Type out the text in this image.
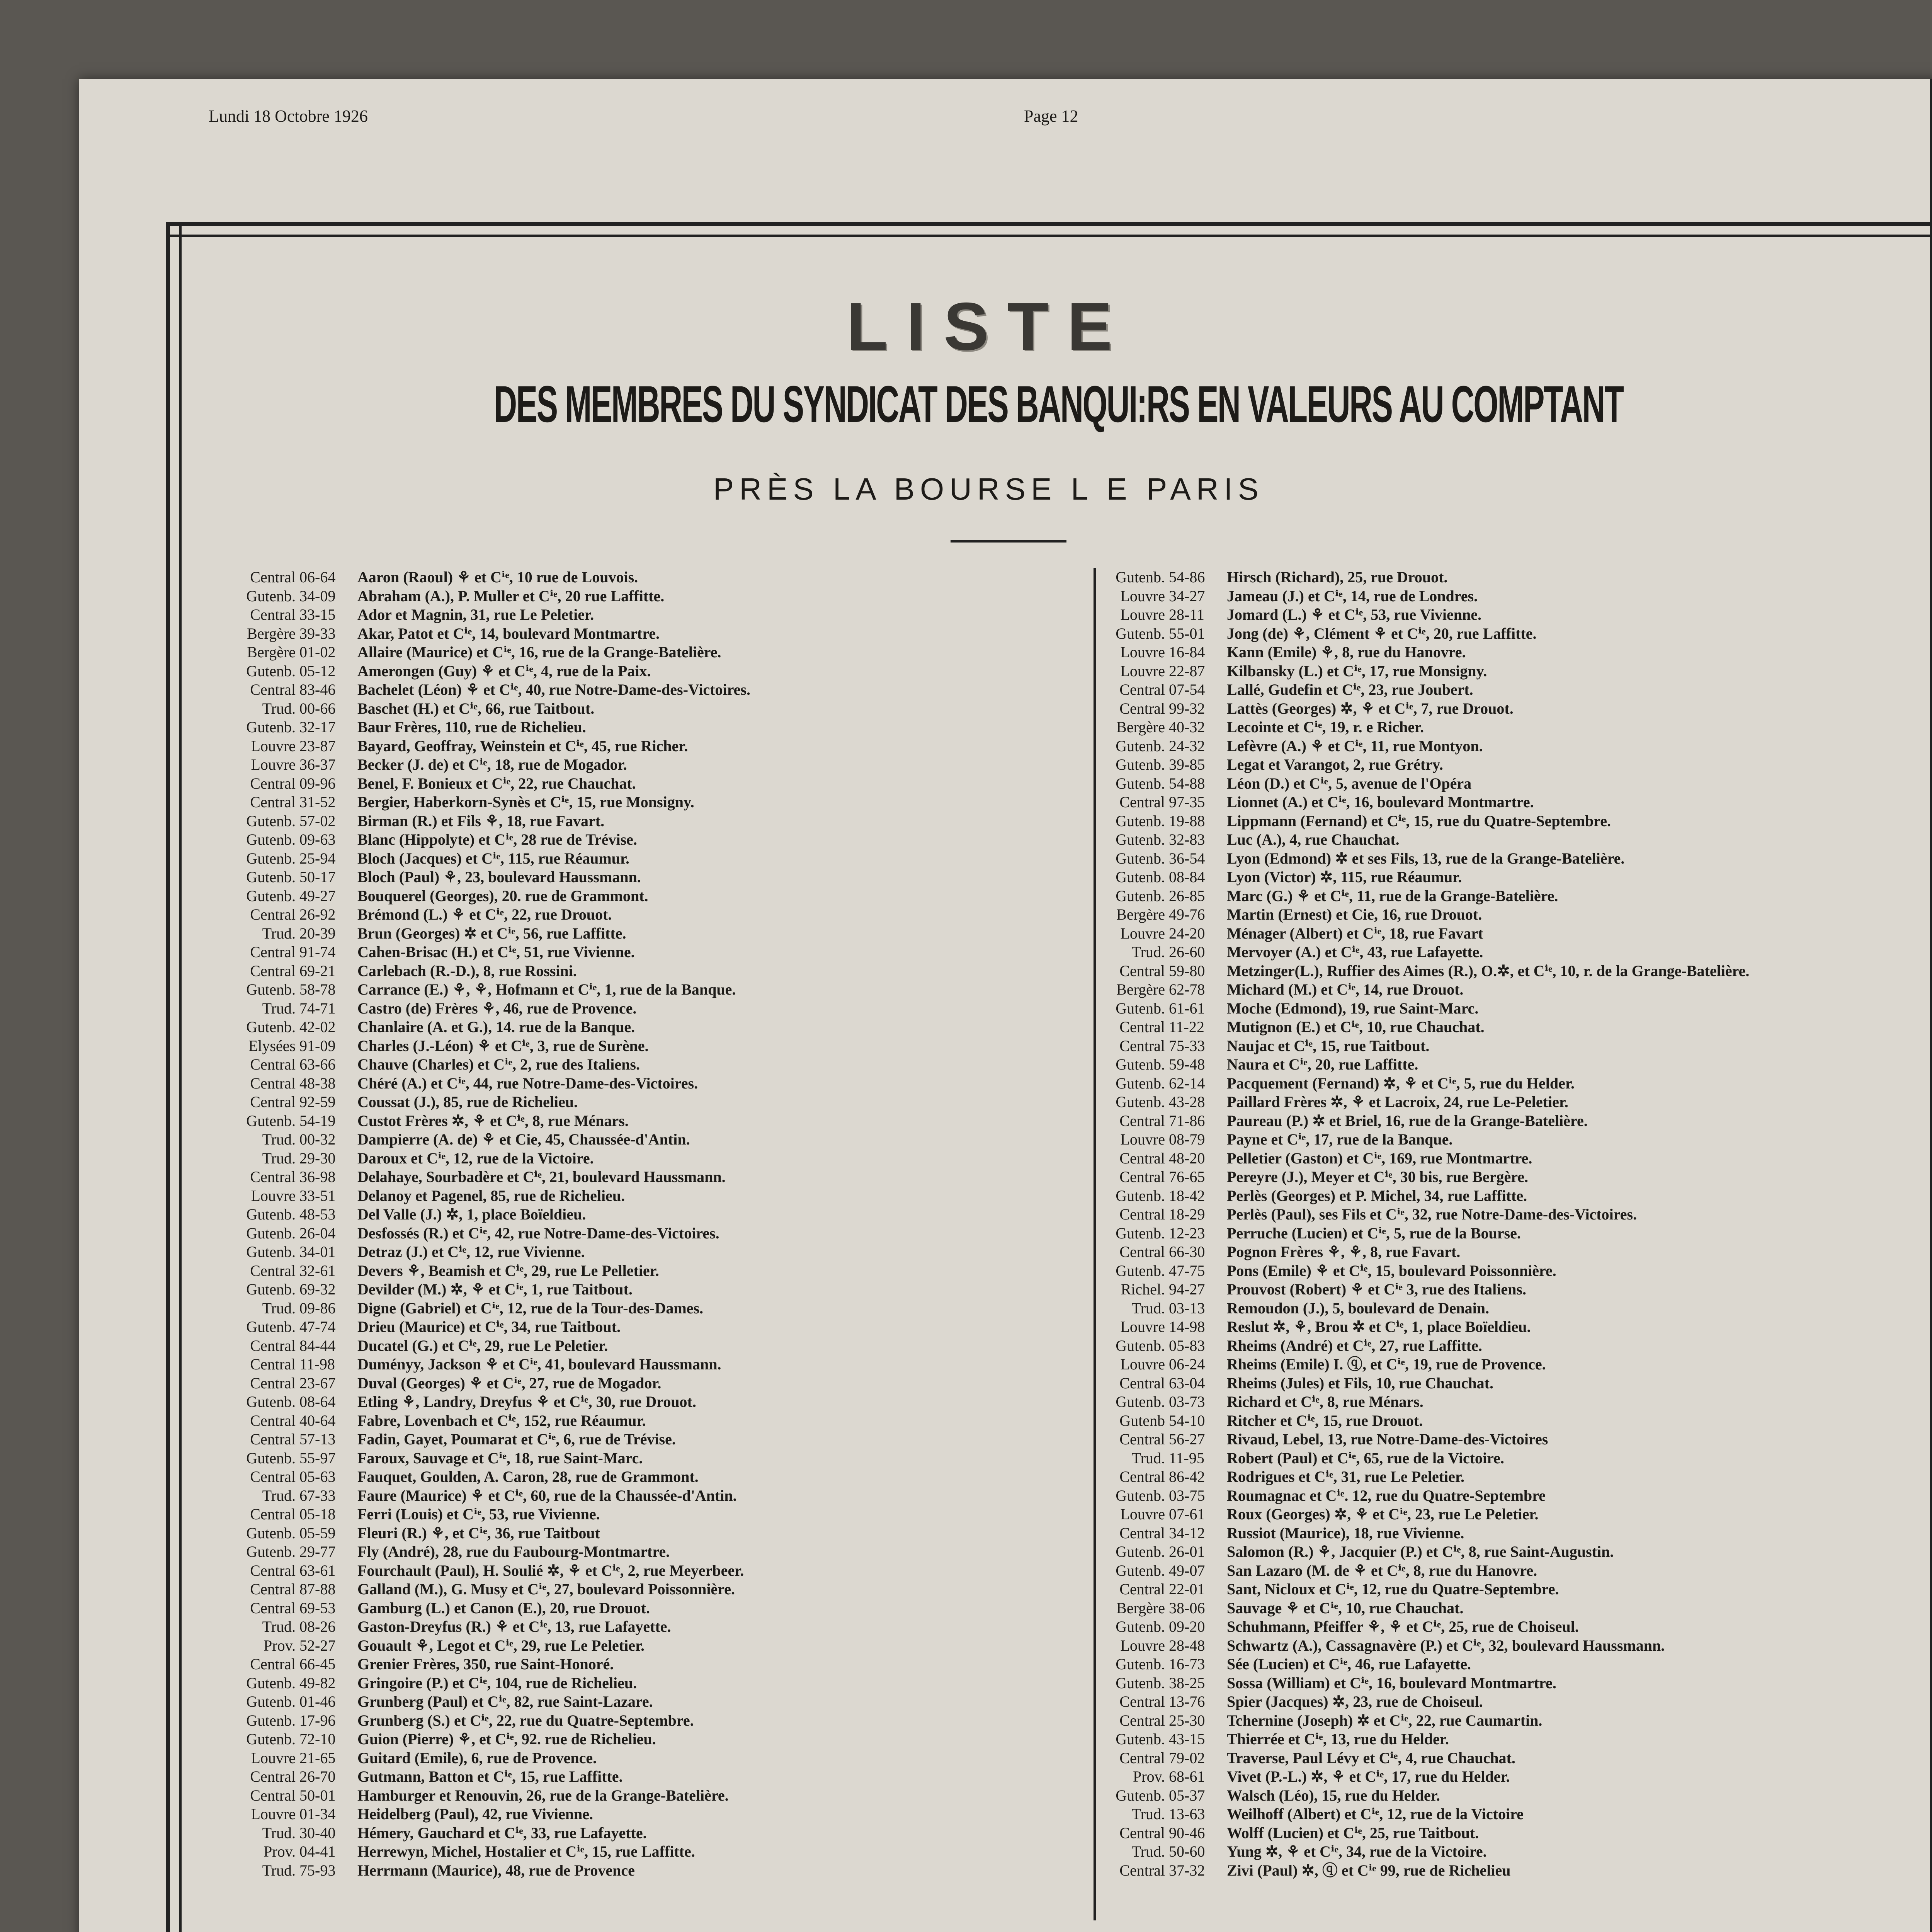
Lundi 18 Octobre 1926	Page 12
LISTE
DES MEMBRES DU SYNDICAT DES BANQUI:RS EN VALEURS AU COMPTANT
PRÈS LA BOURSE L E PARIS
Central 06-64	Aaron (Raoul) ⚘ et Cⁱᵉ, 10 rue de Louvois.
Gutenb. 34-09	Abraham (A.), P. Muller et Cⁱᵉ, 20 rue Laffitte.
Central 33-15	Ador et Magnin, 31, rue Le Peletier.
Bergère 39-33	Akar, Patot et Cⁱᵉ, 14, boulevard Montmartre.
Bergère 01-02	Allaire (Maurice) et Cⁱᵉ, 16, rue de la Grange-Batelière.
Gutenb. 05-12	Amerongen (Guy) ⚘ et Cⁱᵉ, 4, rue de la Paix.
Central 83-46	Bachelet (Léon) ⚘ et Cⁱᵉ, 40, rue Notre-Dame-des-Victoires.
Trud. 00-66	Baschet (H.) et Cⁱᵉ, 66, rue Taitbout.
Gutenb. 32-17	Baur Frères, 110, rue de Richelieu.
Louvre 23-87	Bayard, Geoffray, Weinstein et Cⁱᵉ, 45, rue Richer.
Louvre 36-37	Becker (J. de) et Cⁱᵉ, 18, rue de Mogador.
Central 09-96	Benel, F. Bonieux et Cⁱᵉ, 22, rue Chauchat.
Central 31-52	Bergier, Haberkorn-Synès et Cⁱᵉ, 15, rue Monsigny.
Gutenb. 57-02	Birman (R.) et Fils ⚘, 18, rue Favart.
Gutenb. 09-63	Blanc (Hippolyte) et Cⁱᵉ, 28 rue de Trévise.
Gutenb. 25-94	Bloch (Jacques) et Cⁱᵉ, 115, rue Réaumur.
Gutenb. 50-17	Bloch (Paul) ⚘, 23, boulevard Haussmann.
Gutenb. 49-27	Bouquerel (Georges), 20. rue de Grammont.
Central 26-92	Brémond (L.) ⚘ et Cⁱᵉ, 22, rue Drouot.
Trud. 20-39	Brun (Georges) ✲ et Cⁱᵉ, 56, rue Laffitte.
Central 91-74	Cahen-Brisac (H.) et Cⁱᵉ, 51, rue Vivienne.
Central 69-21	Carlebach (R.-D.), 8, rue Rossini.
Gutenb. 58-78	Carrance (E.) ⚘, ⚘, Hofmann et Cⁱᵉ, 1, rue de la Banque.
Trud. 74-71	Castro (de) Frères ⚘, 46, rue de Provence.
Gutenb. 42-02	Chanlaire (A. et G.), 14. rue de la Banque.
Elysées 91-09	Charles (J.-Léon) ⚘ et Cⁱᵉ, 3, rue de Surène.
Central 63-66	Chauve (Charles) et Cⁱᵉ, 2, rue des Italiens.
Central 48-38	Chéré (A.) et Cⁱᵉ, 44, rue Notre-Dame-des-Victoires.
Central 92-59	Coussat (J.), 85, rue de Richelieu.
Gutenb. 54-19	Custot Frères ✲, ⚘ et Cⁱᵉ, 8, rue Ménars.
Trud. 00-32	Dampierre (A. de) ⚘ et Cie, 45, Chaussée-d'Antin.
Trud. 29-30	Daroux et Cⁱᵉ, 12, rue de la Victoire.
Central 36-98	Delahaye, Sourbadère et Cⁱᵉ, 21, boulevard Haussmann.
Louvre 33-51	Delanoy et Pagenel, 85, rue de Richelieu.
Gutenb. 48-53	Del Valle (J.) ✲, 1, place Boïeldieu.
Gutenb. 26-04	Desfossés (R.) et Cⁱᵉ, 42, rue Notre-Dame-des-Victoires.
Gutenb. 34-01	Detraz (J.) et Cⁱᵉ, 12, rue Vivienne.
Central 32-61	Devers ⚘, Beamish et Cⁱᵉ, 29, rue Le Pelletier.
Gutenb. 69-32	Devilder (M.) ✲, ⚘ et Cⁱᵉ, 1, rue Taitbout.
Trud. 09-86	Digne (Gabriel) et Cⁱᵉ, 12, rue de la Tour-des-Dames.
Gutenb. 47-74	Drieu (Maurice) et Cⁱᵉ, 34, rue Taitbout.
Central 84-44	Ducatel (G.) et Cⁱᵉ, 29, rue Le Peletier.
Central 11-98	Duményy, Jackson ⚘ et Cⁱᵉ, 41, boulevard Haussmann.
Central 23-67	Duval (Georges) ⚘ et Cⁱᵉ, 27, rue de Mogador.
Gutenb. 08-64	Etling ⚘, Landry, Dreyfus ⚘ et Cⁱᵉ, 30, rue Drouot.
Central 40-64	Fabre, Lovenbach et Cⁱᵉ, 152, rue Réaumur.
Central 57-13	Fadin, Gayet, Poumarat et Cⁱᵉ, 6, rue de Trévise.
Gutenb. 55-97	Faroux, Sauvage et Cⁱᵉ, 18, rue Saint-Marc.
Central 05-63	Fauquet, Goulden, A. Caron, 28, rue de Grammont.
Trud. 67-33	Faure (Maurice) ⚘ et Cⁱᵉ, 60, rue de la Chaussée-d'Antin.
Central 05-18	Ferri (Louis) et Cⁱᵉ, 53, rue Vivienne.
Gutenb. 05-59	Fleuri (R.) ⚘, et Cⁱᵉ, 36, rue Taitbout
Gutenb. 29-77	Fly (André), 28, rue du Faubourg-Montmartre.
Central 63-61	Fourchault (Paul), H. Soulié ✲, ⚘ et Cⁱᵉ, 2, rue Meyerbeer.
Central 87-88	Galland (M.), G. Musy et Cⁱᵉ, 27, boulevard Poissonnière.
Central 69-53	Gamburg (L.) et Canon (E.), 20, rue Drouot.
Trud. 08-26	Gaston-Dreyfus (R.) ⚘ et Cⁱᵉ, 13, rue Lafayette.
Prov. 52-27	Gouault ⚘, Legot et Cⁱᵉ, 29, rue Le Peletier.
Central 66-45	Grenier Frères, 350, rue Saint-Honoré.
Gutenb. 49-82	Gringoire (P.) et Cⁱᵉ, 104, rue de Richelieu.
Gutenb. 01-46	Grunberg (Paul) et Cⁱᵉ, 82, rue Saint-Lazare.
Gutenb. 17-96	Grunberg (S.) et Cⁱᵉ, 22, rue du Quatre-Septembre.
Gutenb. 72-10	Guion (Pierre) ⚘, et Cⁱᵉ, 92. rue de Richelieu.
Louvre 21-65	Guitard (Emile), 6, rue de Provence.
Central 26-70	Gutmann, Batton et Cⁱᵉ, 15, rue Laffitte.
Central 50-01	Hamburger et Renouvin, 26, rue de la Grange-Batelière.
Louvre 01-34	Heidelberg (Paul), 42, rue Vivienne.
Trud. 30-40	Hémery, Gauchard et Cⁱᵉ, 33, rue Lafayette.
Prov. 04-41	Herrewyn, Michel, Hostalier et Cⁱᵉ, 15, rue Laffitte.
Trud. 75-93	Herrmann (Maurice), 48, rue de Provence
Gutenb. 54-86	Hirsch (Richard), 25, rue Drouot.
Louvre 34-27	Jameau (J.) et Cⁱᵉ, 14, rue de Londres.
Louvre 28-11	Jomard (L.) ⚘ et Cⁱᵉ, 53, rue Vivienne.
Gutenb. 55-01	Jong (de) ⚘, Clément ⚘ et Cⁱᵉ, 20, rue Laffitte.
Louvre 16-84	Kann (Emile) ⚘, 8, rue du Hanovre.
Louvre 22-87	Kilbansky (L.) et Cⁱᵉ, 17, rue Monsigny.
Central 07-54	Lallé, Gudefin et Cⁱᵉ, 23, rue Joubert.
Central 99-32	Lattès (Georges) ✲, ⚘ et Cⁱᵉ, 7, rue Drouot.
Bergère 40-32	Lecointe et Cⁱᵉ, 19, r. e Richer.
Gutenb. 24-32	Lefèvre (A.) ⚘ et Cⁱᵉ, 11, rue Montyon.
Gutenb. 39-85	Legat et Varangot, 2, rue Grétry.
Gutenb. 54-88	Léon (D.) et Cⁱᵉ, 5, avenue de l'Opéra
Central 97-35	Lionnet (A.) et Cⁱᵉ, 16, boulevard Montmartre.
Gutenb. 19-88	Lippmann (Fernand) et Cⁱᵉ, 15, rue du Quatre-Septembre.
Gutenb. 32-83	Luc (A.), 4, rue Chauchat.
Gutenb. 36-54	Lyon (Edmond) ✲ et ses Fils, 13, rue de la Grange-Batelière.
Gutenb. 08-84	Lyon (Victor) ✲, 115, rue Réaumur.
Gutenb. 26-85	Marc (G.) ⚘ et Cⁱᵉ, 11, rue de la Grange-Batelière.
Bergère 49-76	Martin (Ernest) et Cie, 16, rue Drouot.
Louvre 24-20	Ménager (Albert) et Cⁱᵉ, 18, rue Favart
Trud. 26-60	Mervoyer (A.) et Cⁱᵉ, 43, rue Lafayette.
Central 59-80	Metzinger(L.), Ruffier des Aimes (R.), O.✲, et Cⁱᵉ, 10, r. de la Grange-Batelière.
Bergère 62-78	Michard (M.) et Cⁱᵉ, 14, rue Drouot.
Gutenb. 61-61	Moche (Edmond), 19, rue Saint-Marc.
Central 11-22	Mutignon (E.) et Cⁱᵉ, 10, rue Chauchat.
Central 75-33	Naujac et Cⁱᵉ, 15, rue Taitbout.
Gutenb. 59-48	Naura et Cⁱᵉ, 20, rue Laffitte.
Gutenb. 62-14	Pacquement (Fernand) ✲, ⚘ et Cⁱᵉ, 5, rue du Helder.
Gutenb. 43-28	Paillard Frères ✲, ⚘ et Lacroix, 24, rue Le-Peletier.
Central 71-86	Paureau (P.) ✲ et Briel, 16, rue de la Grange-Batelière.
Louvre 08-79	Payne et Cⁱᵉ, 17, rue de la Banque.
Central 48-20	Pelletier (Gaston) et Cⁱᵉ, 169, rue Montmartre.
Central 76-65	Pereyre (J.), Meyer et Cⁱᵉ, 30 bis, rue Bergère.
Gutenb. 18-42	Perlès (Georges) et P. Michel, 34, rue Laffitte.
Central 18-29	Perlès (Paul), ses Fils et Cⁱᵉ, 32, rue Notre-Dame-des-Victoires.
Gutenb. 12-23	Perruche (Lucien) et Cⁱᵉ, 5, rue de la Bourse.
Central 66-30	Pognon Frères ⚘, ⚘, 8, rue Favart.
Gutenb. 47-75	Pons (Emile) ⚘ et Cⁱᵉ, 15, boulevard Poissonnière.
Richel. 94-27	Prouvost (Robert) ⚘ et Cⁱᵉ 3, rue des Italiens.
Trud. 03-13	Remoudon (J.), 5, boulevard de Denain.
Louvre 14-98	Reslut ✲, ⚘, Brou ✲ et Cⁱᵉ, 1, place Boïeldieu.
Gutenb. 05-83	Rheims (André) et Cⁱᵉ, 27, rue Laffitte.
Louvre 06-24	Rheims (Emile) I. ⓠ, et Cⁱᵉ, 19, rue de Provence.
Central 63-04	Rheims (Jules) et Fils, 10, rue Chauchat.
Gutenb. 03-73	Richard et Cⁱᵉ, 8, rue Ménars.
Gutenb 54-10	Ritcher et Cⁱᵉ, 15, rue Drouot.
Central 56-27	Rivaud, Lebel, 13, rue Notre-Dame-des-Victoires
Trud. 11-95	Robert (Paul) et Cⁱᵉ, 65, rue de la Victoire.
Central 86-42	Rodrigues et Cⁱᵉ, 31, rue Le Peletier.
Gutenb. 03-75	Roumagnac et Cⁱᵉ. 12, rue du Quatre-Septembre
Louvre 07-61	Roux (Georges) ✲, ⚘ et Cⁱᵉ, 23, rue Le Peletier.
Central 34-12	Russiot (Maurice), 18, rue Vivienne.
Gutenb. 26-01	Salomon (R.) ⚘, Jacquier (P.) et Cⁱᵉ, 8, rue Saint-Augustin.
Gutenb. 49-07	San Lazaro (M. de ⚘ et Cⁱᵉ, 8, rue du Hanovre.
Central 22-01	Sant, Nicloux et Cⁱᵉ, 12, rue du Quatre-Septembre.
Bergère 38-06	Sauvage ⚘ et Cⁱᵉ, 10, rue Chauchat.
Gutenb. 09-20	Schuhmann, Pfeiffer ⚘, ⚘ et Cⁱᵉ, 25, rue de Choiseul.
Louvre 28-48	Schwartz (A.), Cassagnavère (P.) et Cⁱᵉ, 32, boulevard Haussmann.
Gutenb. 16-73	Sée (Lucien) et Cⁱᵉ, 46, rue Lafayette.
Gutenb. 38-25	Sossa (William) et Cⁱᵉ, 16, boulevard Montmartre.
Central 13-76	Spier (Jacques) ✲, 23, rue de Choiseul.
Central 25-30	Tchernine (Joseph) ✲ et Cⁱᵉ, 22, rue Caumartin.
Gutenb. 43-15	Thierrée et Cⁱᵉ, 13, rue du Helder.
Central 79-02	Traverse, Paul Lévy et Cⁱᵉ, 4, rue Chauchat.
Prov. 68-61	Vivet (P.-L.) ✲, ⚘ et Cⁱᵉ, 17, rue du Helder.
Gutenb. 05-37	Walsch (Léo), 15, rue du Helder.
Trud. 13-63	Weilhoff (Albert) et Cⁱᵉ, 12, rue de la Victoire
Central 90-46	Wolff (Lucien) et Cⁱᵉ, 25, rue Taitbout.
Trud. 50-60	Yung ✲, ⚘ et Cⁱᵉ, 34, rue de la Victoire.
Central 37-32	Zivi (Paul) ✲, ⓠ et Cⁱᵉ 99, rue de Richelieu
